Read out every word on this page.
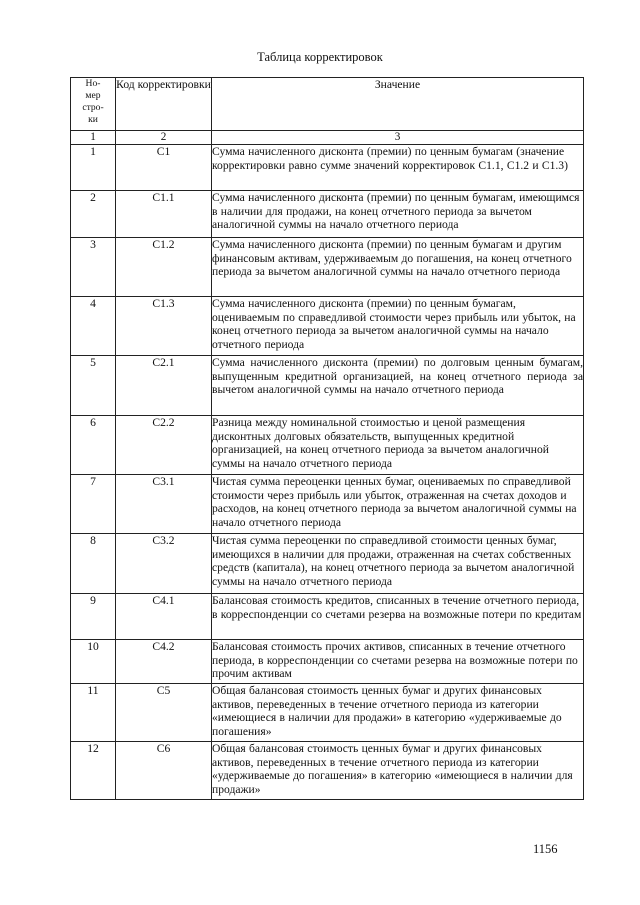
Таблица корректировок
Но-
мер
стро-
ки	Код корректировки	Значение
1	2	3
1	C1	Сумма начисленного дисконта (премии) по ценным бумагам (значение корректировки равно сумме значений корректировок C1.1, C1.2 и C1.3)
2	C1.1	Сумма начисленного дисконта (премии) по ценным бумагам, имеющимся в наличии для продажи, на конец отчетного периода за вычетом аналогичной суммы на начало отчетного периода
3	C1.2	Сумма начисленного дисконта (премии) по ценным бумагам и другим финансовым активам, удерживаемым до погашения, на конец отчетного периода за вычетом аналогичной суммы на начало отчетного периода
4	C1.3	Сумма начисленного дисконта (премии) по ценным бумагам, оцениваемым по справедливой стоимости через прибыль или убыток, на конец отчетного периода за вычетом аналогичной суммы на начало отчетного периода
5	C2.1	Сумма начисленного дисконта (премии) по долговым ценным бумагам, выпущенным кредитной организацией, на конец отчетного периода за вычетом аналогичной суммы на начало отчетного периода
6	C2.2	Разница между номинальной стоимостью и ценой размещения дисконтных долговых обязательств, выпущенных кредитной организацией, на конец отчетного периода за вычетом аналогичной суммы на начало отчетного периода
7	C3.1	Чистая сумма переоценки ценных бумаг, оцениваемых по справедливой стоимости через прибыль или убыток, отраженная на счетах доходов и расходов, на конец отчетного периода за вычетом аналогичной суммы на начало отчетного периода
8	C3.2	Чистая сумма переоценки по справедливой стоимости ценных бумаг, имеющихся в наличии для продажи, отраженная на счетах собственных средств (капитала), на конец отчетного периода за вычетом аналогичной суммы на начало отчетного периода
9	C4.1	Балансовая стоимость кредитов, списанных в течение отчетного периода, в корреспонденции со счетами резерва на возможные потери по кредитам
10	C4.2	Балансовая стоимость прочих активов, списанных в течение отчетного периода, в корреспонденции со счетами резерва на возможные потери по прочим активам
11	C5	Общая балансовая стоимость ценных бумаг и других финансовых активов, переведенных в течение отчетного периода из категории «имеющиеся в наличии для продажи» в категорию «удерживаемые до погашения»
12	C6	Общая балансовая стоимость ценных бумаг и других финансовых активов, переведенных в течение отчетного периода из категории «удерживаемые до погашения» в категорию «имеющиеся в наличии для продажи»
1156
